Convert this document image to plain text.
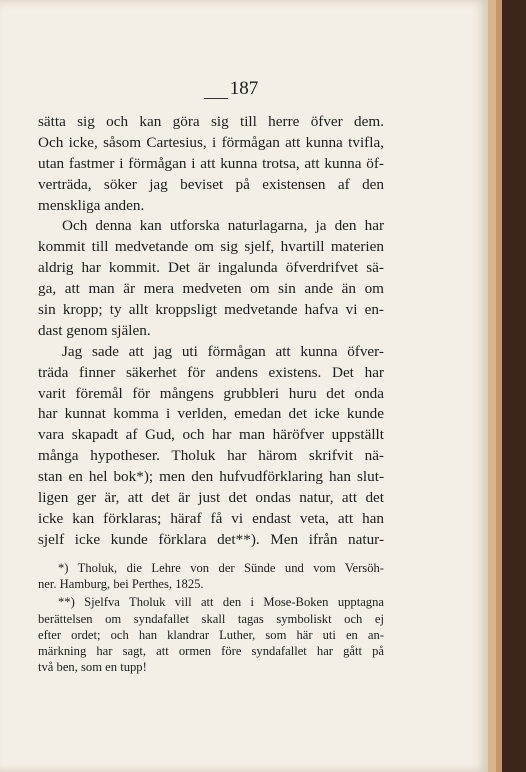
187
sätta sig och kan göra sig till herre öfver dem.
Och icke, såsom Cartesius, i förmågan att kunna tvifla,
utan fastmer i förmågan i att kunna trotsa, att kunna öf-
verträda, söker jag beviset på existensen af den
menskliga anden.
Och denna kan utforska naturlagarna, ja den har
kommit till medvetande om sig sjelf, hvartill materien
aldrig har kommit. Det är ingalunda öfverdrifvet sä-
ga, att man är mera medveten om sin ande än om
sin kropp; ty allt kroppsligt medvetande hafva vi en-
dast genom själen.
Jag sade att jag uti förmågan att kunna öfver-
träda finner säkerhet för andens existens. Det har
varit föremål för mångens grubbleri huru det onda
har kunnat komma i verlden, emedan det icke kunde
vara skapadt af Gud, och har man häröfver uppställt
många hypotheser. Tholuk har härom skrifvit nä-
stan en hel bok*); men den hufvudförklaring han slut-
ligen ger är, att det är just det ondas natur, att det
icke kan förklaras; häraf få vi endast veta, att han
sjelf icke kunde förklara det**). Men ifrån natur-

*) Tholuk, die Lehre von der Sünde und vom Versöh-
ner. Hamburg, bei Perthes, 1825.

**) Sjelfva Tholuk vill att den i Mose-Boken upptagna
berättelsen om syndafallet skall tagas symboliskt och ej
efter ordet; och han klandrar Luther, som här uti en an-
märkning har sagt, att ormen före syndafallet har gått på
två ben, som en tupp!
